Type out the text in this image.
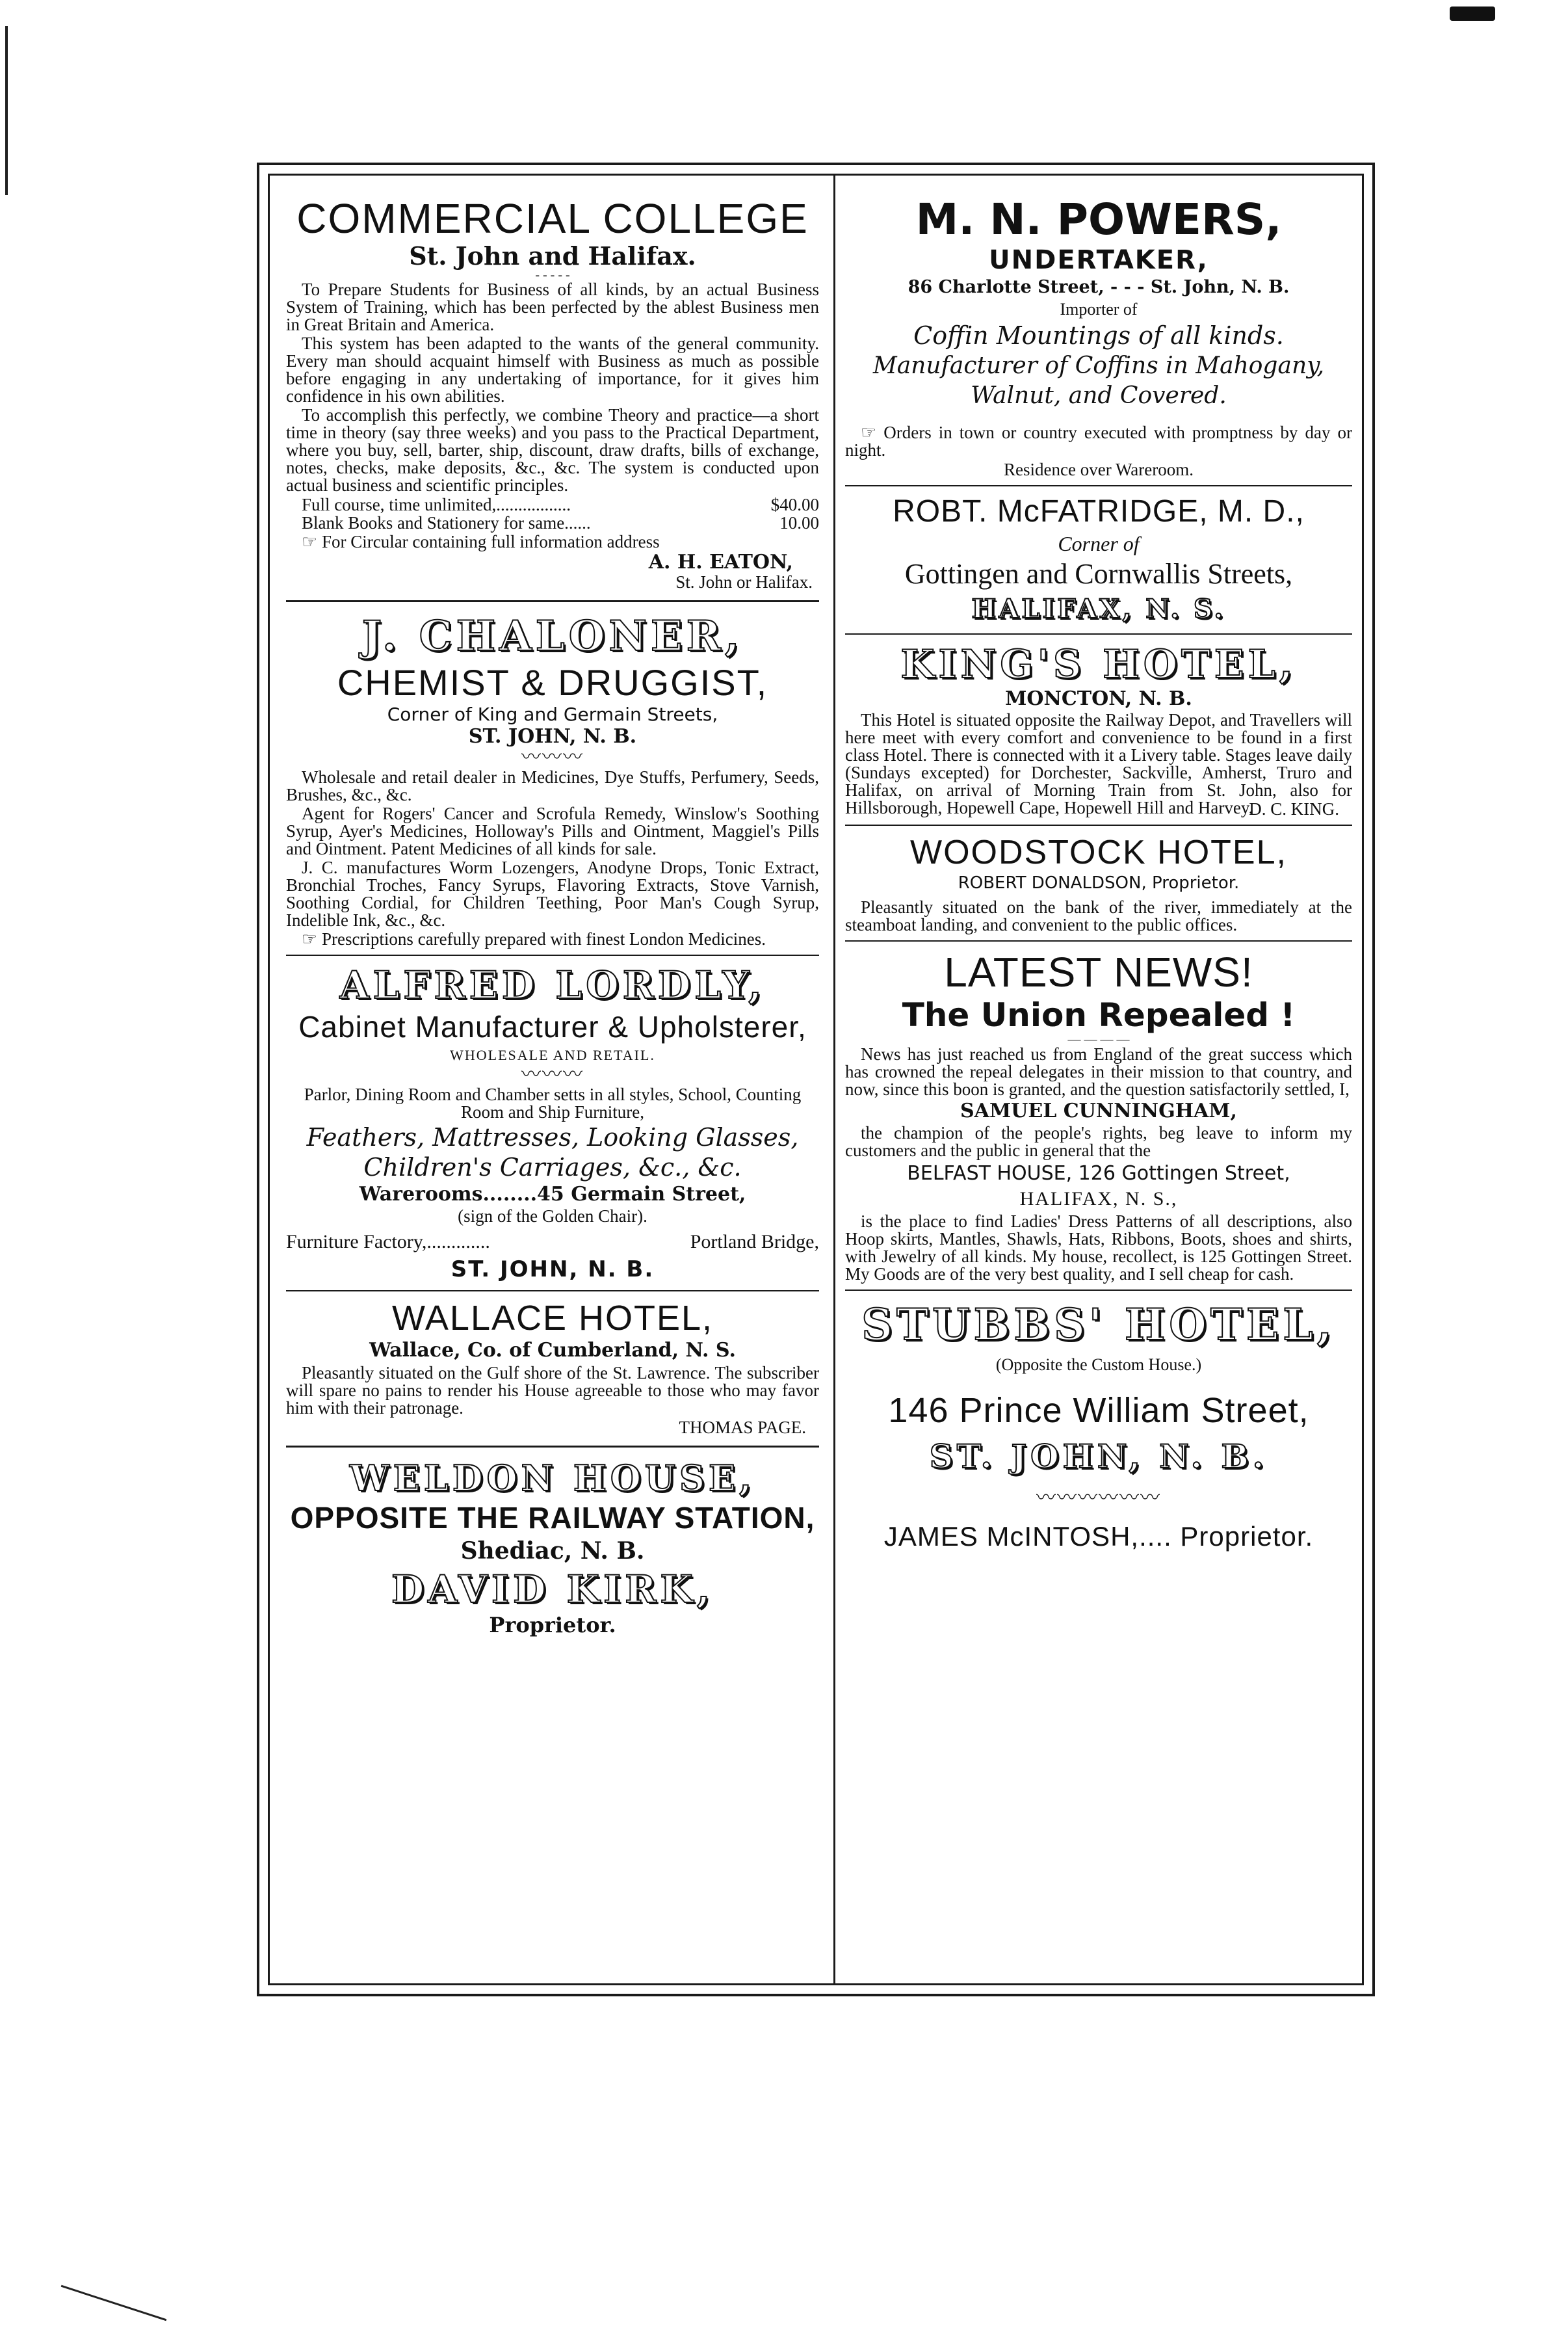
COMMERCIAL COLLEGE
St. John and Halifax.
- - - - -

To Prepare Students for Business of all kinds, by an actual Business System of Training, which has been perfected by the ablest Business men in Great Britain and America.

This system has been adapted to the wants of the general community. Every man should acquaint himself with Business as much as possible before engaging in any undertaking of importance, for it gives him confidence in his own abilities.

To accomplish this perfectly, we combine Theory and practice—a short time in theory (say three weeks) and you pass to the Practical Department, where you buy, sell, barter, ship, discount, draw drafts, bills of exchange, notes, checks, make deposits, &c., &c. The system is conducted upon actual business and scientific principles.

Full course, time unlimited,.................	$40.00
Blank Books and Stationery for same......	10.00

☞ For Circular containing full information address

A. H. EATON,
St. John or Halifax.
J. CHALONER,
CHEMIST & DRUGGIST,
Corner of King and Germain Streets,
ST. JOHN, N. B.
〰〰〰

Wholesale and retail dealer in Medicines, Dye Stuffs, Perfumery, Seeds, Brushes, &c., &c.

Agent for Rogers' Cancer and Scrofula Remedy, Winslow's Soothing Syrup, Ayer's Medicines, Holloway's Pills and Ointment, Maggiel's Pills and Ointment. Patent Medicines of all kinds for sale.

J. C. manufactures Worm Lozengers, Anodyne Drops, Tonic Extract, Bronchial Troches, Fancy Syrups, Flavoring Extracts, Stove Varnish, Soothing Cordial, for Children Teething, Poor Man's Cough Syrup, Indelible Ink, &c., &c.

☞ Prescriptions carefully prepared with finest London Medicines.

ALFRED LORDLY,
Cabinet Manufacturer & Upholsterer,
WHOLESALE AND RETAIL.
〰〰〰

Parlor, Dining Room and Chamber setts in all styles, School, Counting Room and Ship Furniture,

Feathers, Mattresses, Looking Glasses,
Children's Carriages, &c., &c.
Warerooms........45 Germain Street,
(sign of the Golden Chair).
Furniture Factory,.............	Portland Bridge,
ST. JOHN, N. B.
WALLACE HOTEL,
Wallace, Co. of Cumberland, N. S.

Pleasantly situated on the Gulf shore of the St. Lawrence. The subscriber will spare no pains to render his House agreeable to those who may favor him with their patronage.

THOMAS PAGE.
WELDON HOUSE,
OPPOSITE THE RAILWAY STATION,
Shediac, N. B.
DAVID KIRK,
Proprietor.
M. N. POWERS,
UNDERTAKER,
86 Charlotte Street, - - - St. John, N. B.
Importer of
Coffin Mountings of all kinds.
Manufacturer of Coffins in Mahogany, Walnut, and Covered.

☞ Orders in town or country executed with promptness by day or night.

Residence over Wareroom.
ROBT. McFATRIDGE, M. D.,
Corner of
Gottingen and Cornwallis Streets,
HALIFAX, N. S.
KING'S HOTEL,
MONCTON, N. B.

This Hotel is situated opposite the Railway Depot, and Travellers will here meet with every comfort and convenience to be found in a first class Hotel. There is connected with it a Livery table. Stages leave daily (Sundays excepted) for Dorchester, Sackville, Amherst, Truro and Halifax, on arrival of Morning Train from St. John, also for Hillsborough, Hopewell Cape, Hopewell Hill and Harvey.

D. C. KING.
WOODSTOCK HOTEL,
ROBERT DONALDSON, Proprietor.

Pleasantly situated on the bank of the river, immediately at the steamboat landing, and convenient to the public offices.

LATEST NEWS!
The Union Repealed !
— — — —

News has just reached us from England of the great success which has crowned the repeal delegates in their mission to that country, and now, since this boon is granted, and the question satisfactorily settled, I,

SAMUEL CUNNINGHAM,

the champion of the people's rights, beg leave to inform my customers and the public in general that the

BELFAST HOUSE, 126 Gottingen Street,
HALIFAX, N. S.,

is the place to find Ladies' Dress Patterns of all descriptions, also Hoop skirts, Mantles, Shawls, Hats, Ribbons, Boots, shoes and shirts, with Jewelry of all kinds. My house, recollect, is 125 Gottingen Street. My Goods are of the very best quality, and I sell cheap for cash.

STUBBS' HOTEL,
(Opposite the Custom House.)
146 Prince William Street,
ST. JOHN, N. B.
〰〰〰〰〰〰
JAMES McINTOSH,.... Proprietor.
